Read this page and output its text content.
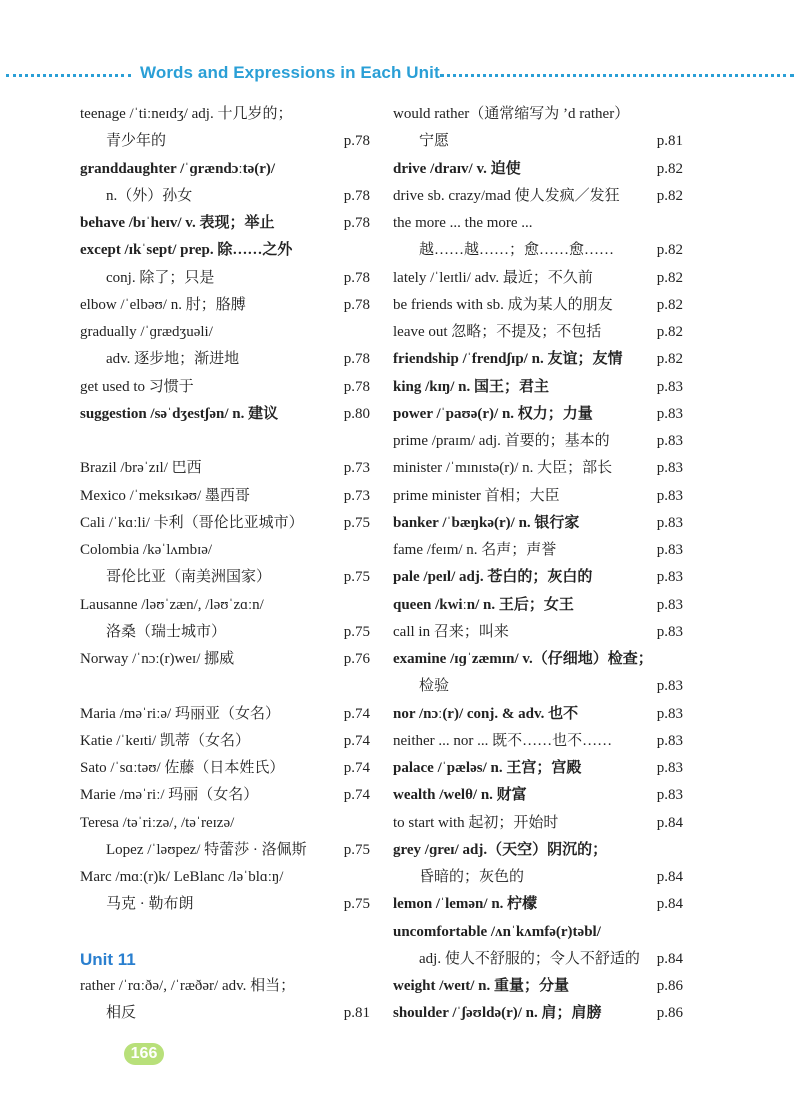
Words and Expressions in Each Unit
teenage /ˈtiːneɪdʒ/ adj. 十几岁的；
青少年的	p.78
granddaughter /ˈɡrændɔːtə(r)/
n.（外）孙女	p.78
behave /bɪˈheɪv/ v. 表现；举止	p.78
except /ɪkˈsept/ prep. 除……之外
conj. 除了；只是	p.78
elbow /ˈelbəʊ/ n. 肘；胳膊	p.78
gradually /ˈɡrædʒuəli/
adv. 逐步地；渐进地	p.78
get used to 习惯于	p.78
suggestion /səˈdʒestʃən/ n. 建议	p.80
Brazil /brəˈzɪl/ 巴西	p.73
Mexico /ˈmeksɪkəʊ/ 墨西哥	p.73
Cali /ˈkɑːli/ 卡利（哥伦比亚城市）	p.75
Colombia /kəˈlʌmbɪə/
哥伦比亚（南美洲国家）	p.75
Lausanne /ləʊˈzæn/, /ləʊˈzɑːn/
洛桑（瑞士城市）	p.75
Norway /ˈnɔː(r)weɪ/ 挪威	p.76
Maria /məˈriːə/ 玛丽亚（女名）	p.74
Katie /ˈkeɪti/ 凯蒂（女名）	p.74
Sato /ˈsɑːtəʊ/ 佐藤（日本姓氏）	p.74
Marie /məˈriː/ 玛丽（女名）	p.74
Teresa /təˈriːzə/, /təˈreɪzə/
Lopez /ˈləʊpez/ 特蕾莎 · 洛佩斯 p.75
Marc /mɑː(r)k/ LeBlanc /ləˈblɑːŋ/
马克 · 勒布朗	p.75
Unit 11
rather /ˈrɑːðə/, /ˈræðər/ adv. 相当；
相反	p.81
would rather（通常缩写为 ’d rather）
宁愿	p.81
drive /draɪv/ v. 迫使	p.82
drive sb. crazy/mad 使人发疯／发狂 p.82
the more ... the more ...
越……越……；愈……愈……	p.82
lately /ˈleɪtli/ adv. 最近；不久前	p.82
be friends with sb. 成为某人的朋友	p.82
leave out 忽略；不提及；不包括	p.82
friendship /ˈfrendʃɪp/ n. 友谊；友情 p.82
king /kɪŋ/ n. 国王；君主	p.83
power /ˈpaʊə(r)/ n. 权力；力量	p.83
prime /praɪm/ adj. 首要的；基本的	p.83
minister /ˈmɪnɪstə(r)/ n. 大臣；部长	p.83
prime minister 首相；大臣	p.83
banker /ˈbæŋkə(r)/ n. 银行家	p.83
fame /feɪm/ n. 名声；声誉	p.83
pale /peɪl/ adj. 苍白的；灰白的	p.83
queen /kwiːn/ n. 王后；女王	p.83
call in 召来；叫来	p.83
examine /ɪɡˈzæmɪn/ v.（仔细地）检查；
检验	p.83
nor /nɔː(r)/ conj. & adv. 也不	p.83
neither ... nor ... 既不……也不……	p.83
palace /ˈpæləs/ n. 王宫；宫殿	p.83
wealth /welθ/ n. 财富	p.83
to start with 起初；开始时	p.84
grey /ɡreɪ/ adj.（天空）阴沉的；
昏暗的；灰色的	p.84
lemon /ˈlemən/ n. 柠檬	p.84
uncomfortable /ʌnˈkʌmfə(r)təbl/
adj. 使人不舒服的；令人不舒适的 p.84
weight /weɪt/ n. 重量；分量	p.86
shoulder /ˈʃəʊldə(r)/ n. 肩；肩膀	p.86
166
